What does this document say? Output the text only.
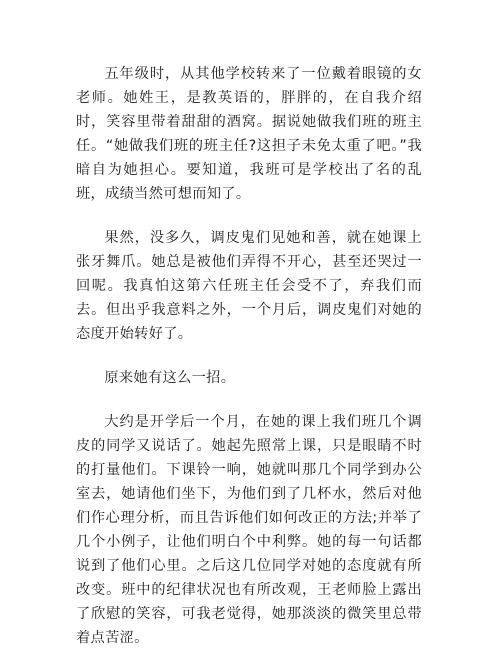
五年级时，从其他学校转来了一位戴着眼镜的女老师。她姓王，是教英语的，胖胖的，在自我介绍时，笑容里带着甜甜的酒窝。据说她做我们班的班主任。“她做我们班的班主任?这担子未免太重了吧。”我暗自为她担心。要知道，我班可是学校出了名的乱班，成绩当然可想而知了。

果然，没多久，调皮鬼们见她和善，就在她课上张牙舞爪。她总是被他们弄得不开心，甚至还哭过一回呢。我真怕这第六任班主任会受不了，弃我们而去。但出乎我意料之外，一个月后，调皮鬼们对她的态度开始转好了。

原来她有这么一招。

大约是开学后一个月，在她的课上我们班几个调皮的同学又说话了。她起先照常上课，只是眼睛不时的打量他们。下课铃一响，她就叫那几个同学到办公室去，她请他们坐下，为他们到了几杯水，然后对他们作心理分析，而且告诉他们如何改正的方法;并举了几个小例子，让他们明白个中利弊。她的每一句话都说到了他们心里。之后这几位同学对她的态度就有所改变。班中的纪律状况也有所改观，王老师脸上露出了欣慰的笑容，可我老觉得，她那淡淡的微笑里总带着点苦涩。
